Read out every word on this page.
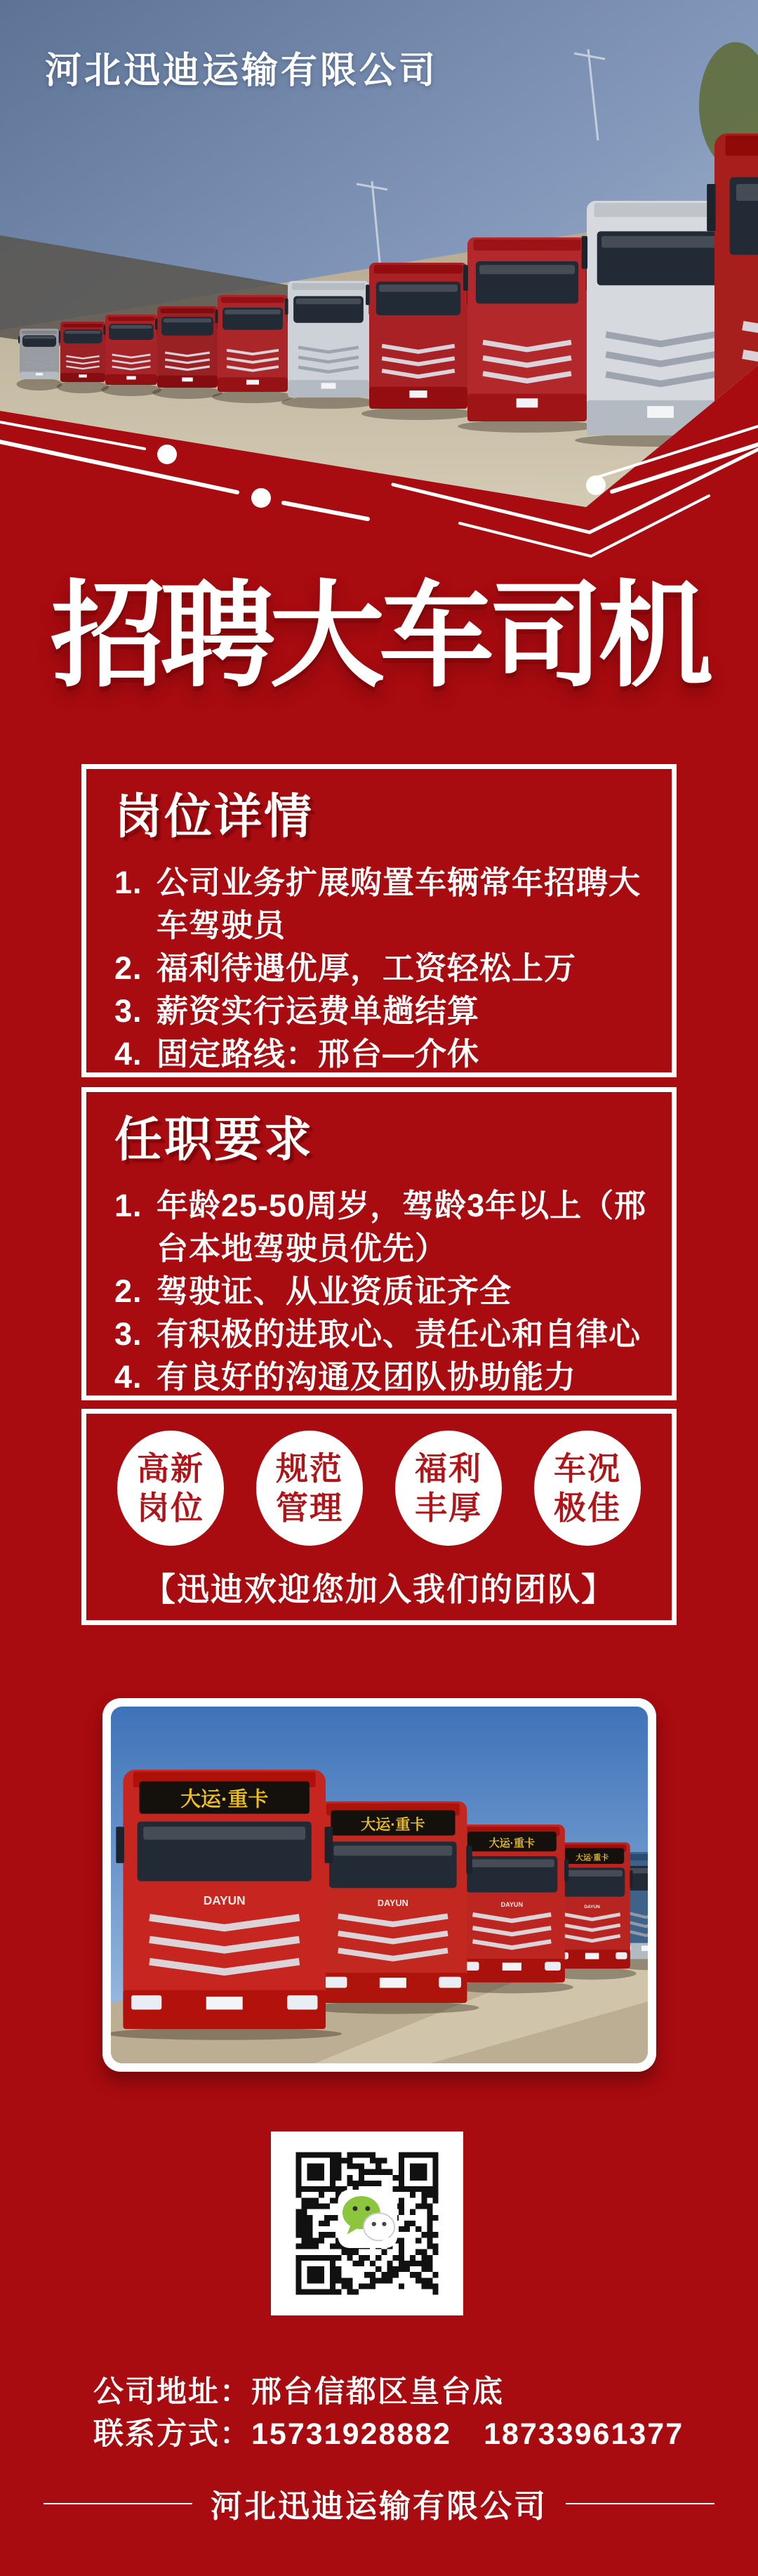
河北迅迪运输有限公司
招聘大车司机
岗位详情
1. 公司业务扩展购置车辆常年招聘大车驾驶员
2. 福利待遇优厚，工资轻松上万
3. 薪资实行运费单趟结算
4. 固定路线：邢台—介休
任职要求
1. 年龄25-50周岁，驾龄3年以上（邢台本地驾驶员优先）
2. 驾驶证、从业资质证齐全
3. 有积极的进取心、责任心和自律心
4. 有良好的沟通及团队协助能力
高新
岗位
规范
管理
福利
丰厚
车况
极佳
【迅迪欢迎您加入我们的团队】
大运·重卡
DAYUN
大运·重卡
DAYUN
大运·重卡
DAYUN
大运·重卡
DAYUN
公司地址：邢台信都区皇台底
联系方式：15731928882 18733961377
河北迅迪运输有限公司
